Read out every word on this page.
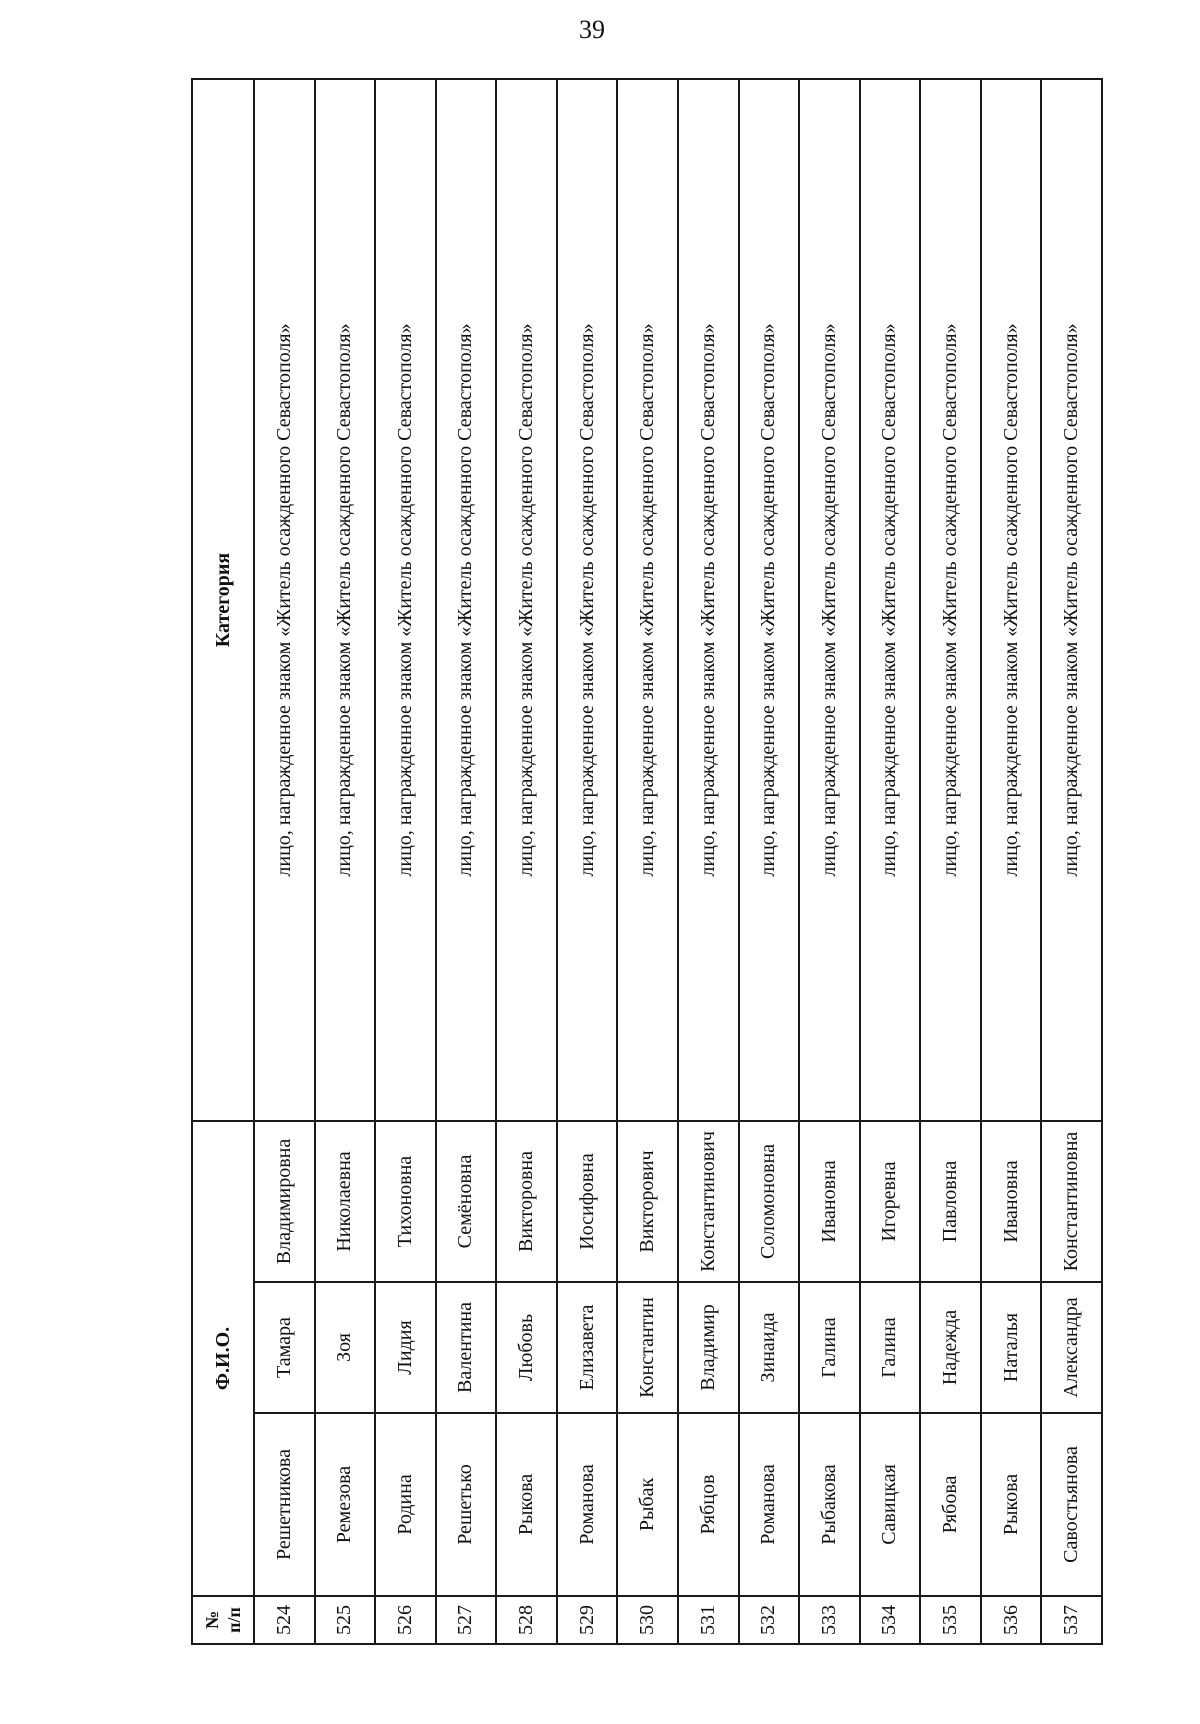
39
№ п/п	Ф.И.О.			Категория
524	Решетникова	Тамара	Владимировна	лицо, награжденное знаком «Житель осажденного Севастополя»
525	Ремезова	Зоя	Николаевна	лицо, награжденное знаком «Житель осажденного Севастополя»
526	Родина	Лидия	Тихоновна	лицо, награжденное знаком «Житель осажденного Севастополя»
527	Решетько	Валентина	Семёновна	лицо, награжденное знаком «Житель осажденного Севастополя»
528	Рыкова	Любовь	Викторовна	лицо, награжденное знаком «Житель осажденного Севастополя»
529	Романова	Елизавета	Иосифовна	лицо, награжденное знаком «Житель осажденного Севастополя»
530	Рыбак	Константин	Викторович	лицо, награжденное знаком «Житель осажденного Севастополя»
531	Рябцов	Владимир	Константинович	лицо, награжденное знаком «Житель осажденного Севастополя»
532	Романова	Зинаида	Соломоновна	лицо, награжденное знаком «Житель осажденного Севастополя»
533	Рыбакова	Галина	Ивановна	лицо, награжденное знаком «Житель осажденного Севастополя»
534	Савицкая	Галина	Игоревна	лицо, награжденное знаком «Житель осажденного Севастополя»
535	Рябова	Надежда	Павловна	лицо, награжденное знаком «Житель осажденного Севастополя»
536	Рыкова	Наталья	Ивановна	лицо, награжденное знаком «Житель осажденного Севастополя»
537	Савостьянова	Александра	Константиновна	лицо, награжденное знаком «Житель осажденного Севастополя»
